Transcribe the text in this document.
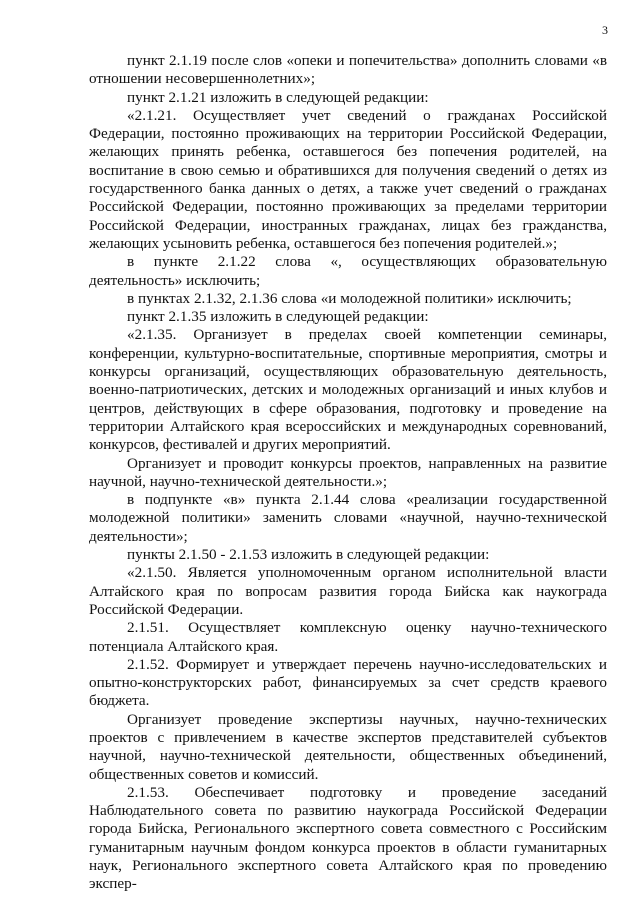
3

пункт 2.1.19 после слов «опеки и попечительства» дополнить словами «в отношении несовершеннолетних»;

пункт 2.1.21 изложить в следующей редакции:

«2.1.21. Осуществляет учет сведений о гражданах Российской Федерации, постоянно проживающих на территории Российской Федерации, желающих принять ребенка, оставшегося без попечения родителей, на воспитание в свою семью и обратившихся для получения сведений о детях из государственного банка данных о детях, а также учет сведений о гражданах Российской Федерации, постоянно проживающих за пределами территории Российской Федерации, иностранных гражданах, лицах без гражданства, желающих усыновить ребенка, оставшегося без попечения родителей.»;

в пункте 2.1.22 слова «, осуществляющих образовательную деятельность» исключить;

в пунктах 2.1.32, 2.1.36 слова «и молодежной политики» исключить;

пункт 2.1.35 изложить в следующей редакции:

«2.1.35. Организует в пределах своей компетенции семинары, конференции, культурно-воспитательные, спортивные мероприятия, смотры и конкурсы организаций, осуществляющих образовательную деятельность, военно-патриотических, детских и молодежных организаций и иных клубов и центров, действующих в сфере образования, подготовку и проведение на территории Алтайского края всероссийских и международных соревнований, конкурсов, фестивалей и других мероприятий.

Организует и проводит конкурсы проектов, направленных на развитие научной, научно-технической деятельности.»;

в подпункте «в» пункта 2.1.44 слова «реализации государственной молодежной политики» заменить словами «научной, научно-технической деятельности»;

пункты 2.1.50 - 2.1.53 изложить в следующей редакции:

«2.1.50. Является уполномоченным органом исполнительной власти Алтайского края по вопросам развития города Бийска как наукограда Российской Федерации.

2.1.51. Осуществляет комплексную оценку научно-технического потенциала Алтайского края.

2.1.52. Формирует и утверждает перечень научно-исследовательских и опытно-конструкторских работ, финансируемых за счет средств краевого бюджета.

Организует проведение экспертизы научных, научно-технических проектов с привлечением в качестве экспертов представителей субъектов научной, научно-технической деятельности, общественных объединений, общественных советов и комиссий.

2.1.53. Обеспечивает подготовку и проведение заседаний Наблюдательного совета по развитию наукограда Российской Федерации города Бийска, Регионального экспертного совета совместного с Российским гуманитарным научным фондом конкурса проектов в области гуманитарных наук, Регионального экспертного совета Алтайского края по проведению экспер-
